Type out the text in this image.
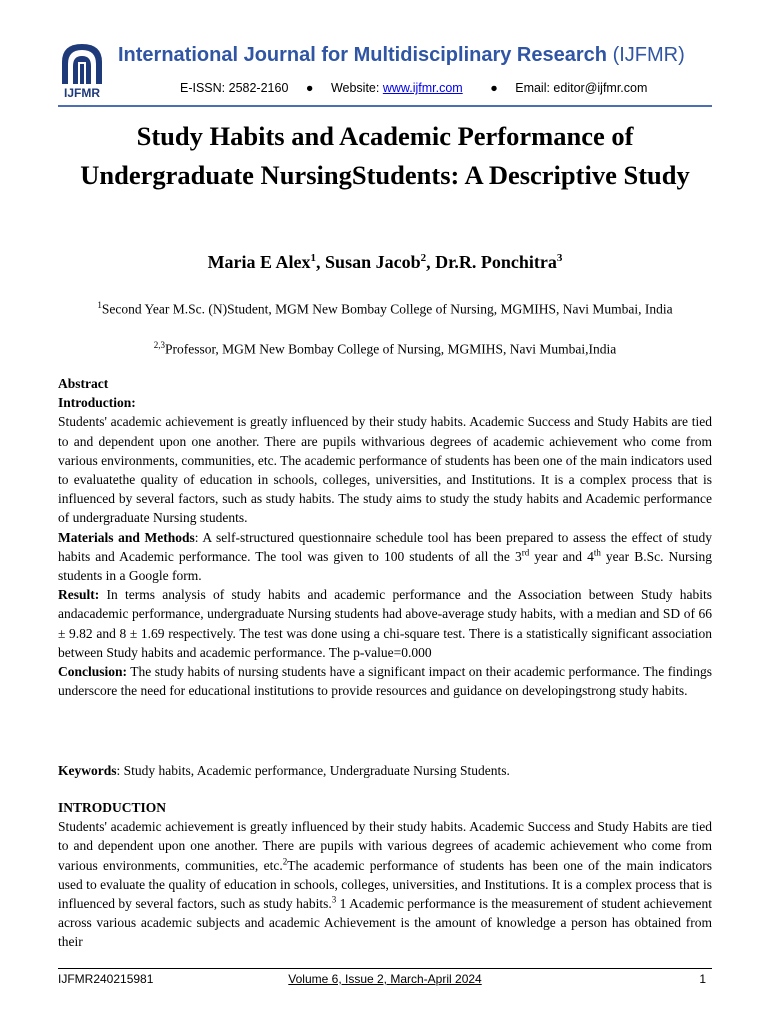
IJFMR
International Journal for Multidisciplinary Research (IJFMR)
E-ISSN: 2582-2160 ● Website: www.ijfmr.com ● Email: editor@ijfmr.com
Study Habits and Academic Performance of Undergraduate NursingStudents: A Descriptive Study
Maria E Alex$^1$, Susan Jacob$^2$, Dr.R. Ponchitra$^3$
$^1$Second Year M.Sc. (N)Student, MGM New Bombay College of Nursing, MGMIHS, Navi Mumbai, India
$^{2,3}$Professor, MGM New Bombay College of Nursing, MGMIHS, Navi Mumbai,India
Abstract
Introduction:
Students' academic achievement is greatly influenced by their study habits. Academic Success and Study Habits are tied to and dependent upon one another. There are pupils withvarious degrees of academic achievement who come from various environments, communities, etc. The academic performance of students has been one of the main indicators used to evaluatethe quality of education in schools, colleges, universities, and Institutions. It is a complex process that is influenced by several factors, such as study habits. The study aims to study the study habits and Academic performance of undergraduate Nursing students.
Materials and Methods: A self-structured questionnaire schedule tool has been prepared to assess the effect of study habits and Academic performance. The tool was given to 100 students of all the 3rd year and 4th year B.Sc. Nursing students in a Google form.
Result: In terms analysis of study habits and academic performance and the Association between Study habits andacademic performance, undergraduate Nursing students had above-average study habits, with a median and SD of 66 ± 9.82 and 8 ± 1.69 respectively. The test was done using a chi-square test. There is a statistically significant association between Study habits and academic performance. The p-value=0.000
Conclusion: The study habits of nursing students have a significant impact on their academic performance. The findings underscore the need for educational institutions to provide resources and guidance on developingstrong study habits.
Keywords: Study habits, Academic performance, Undergraduate Nursing Students.
INTRODUCTION
Students' academic achievement is greatly influenced by their study habits. Academic Success and Study Habits are tied to and dependent upon one another. There are pupils with various degrees of academic achievement who come from various environments, communities, etc.$^2$The academic performance of students has been one of the main indicators used to evaluate the quality of education in schools, colleges, universities, and Institutions. It is a complex process that is influenced by several factors, such as study habits.$^3$ 1 Academic performance is the measurement of student achievement across various academic subjects and academic Achievement is the amount of knowledge a person has obtained from their
IJFMR240215981	Volume 6, Issue 2, March-April 2024	1
